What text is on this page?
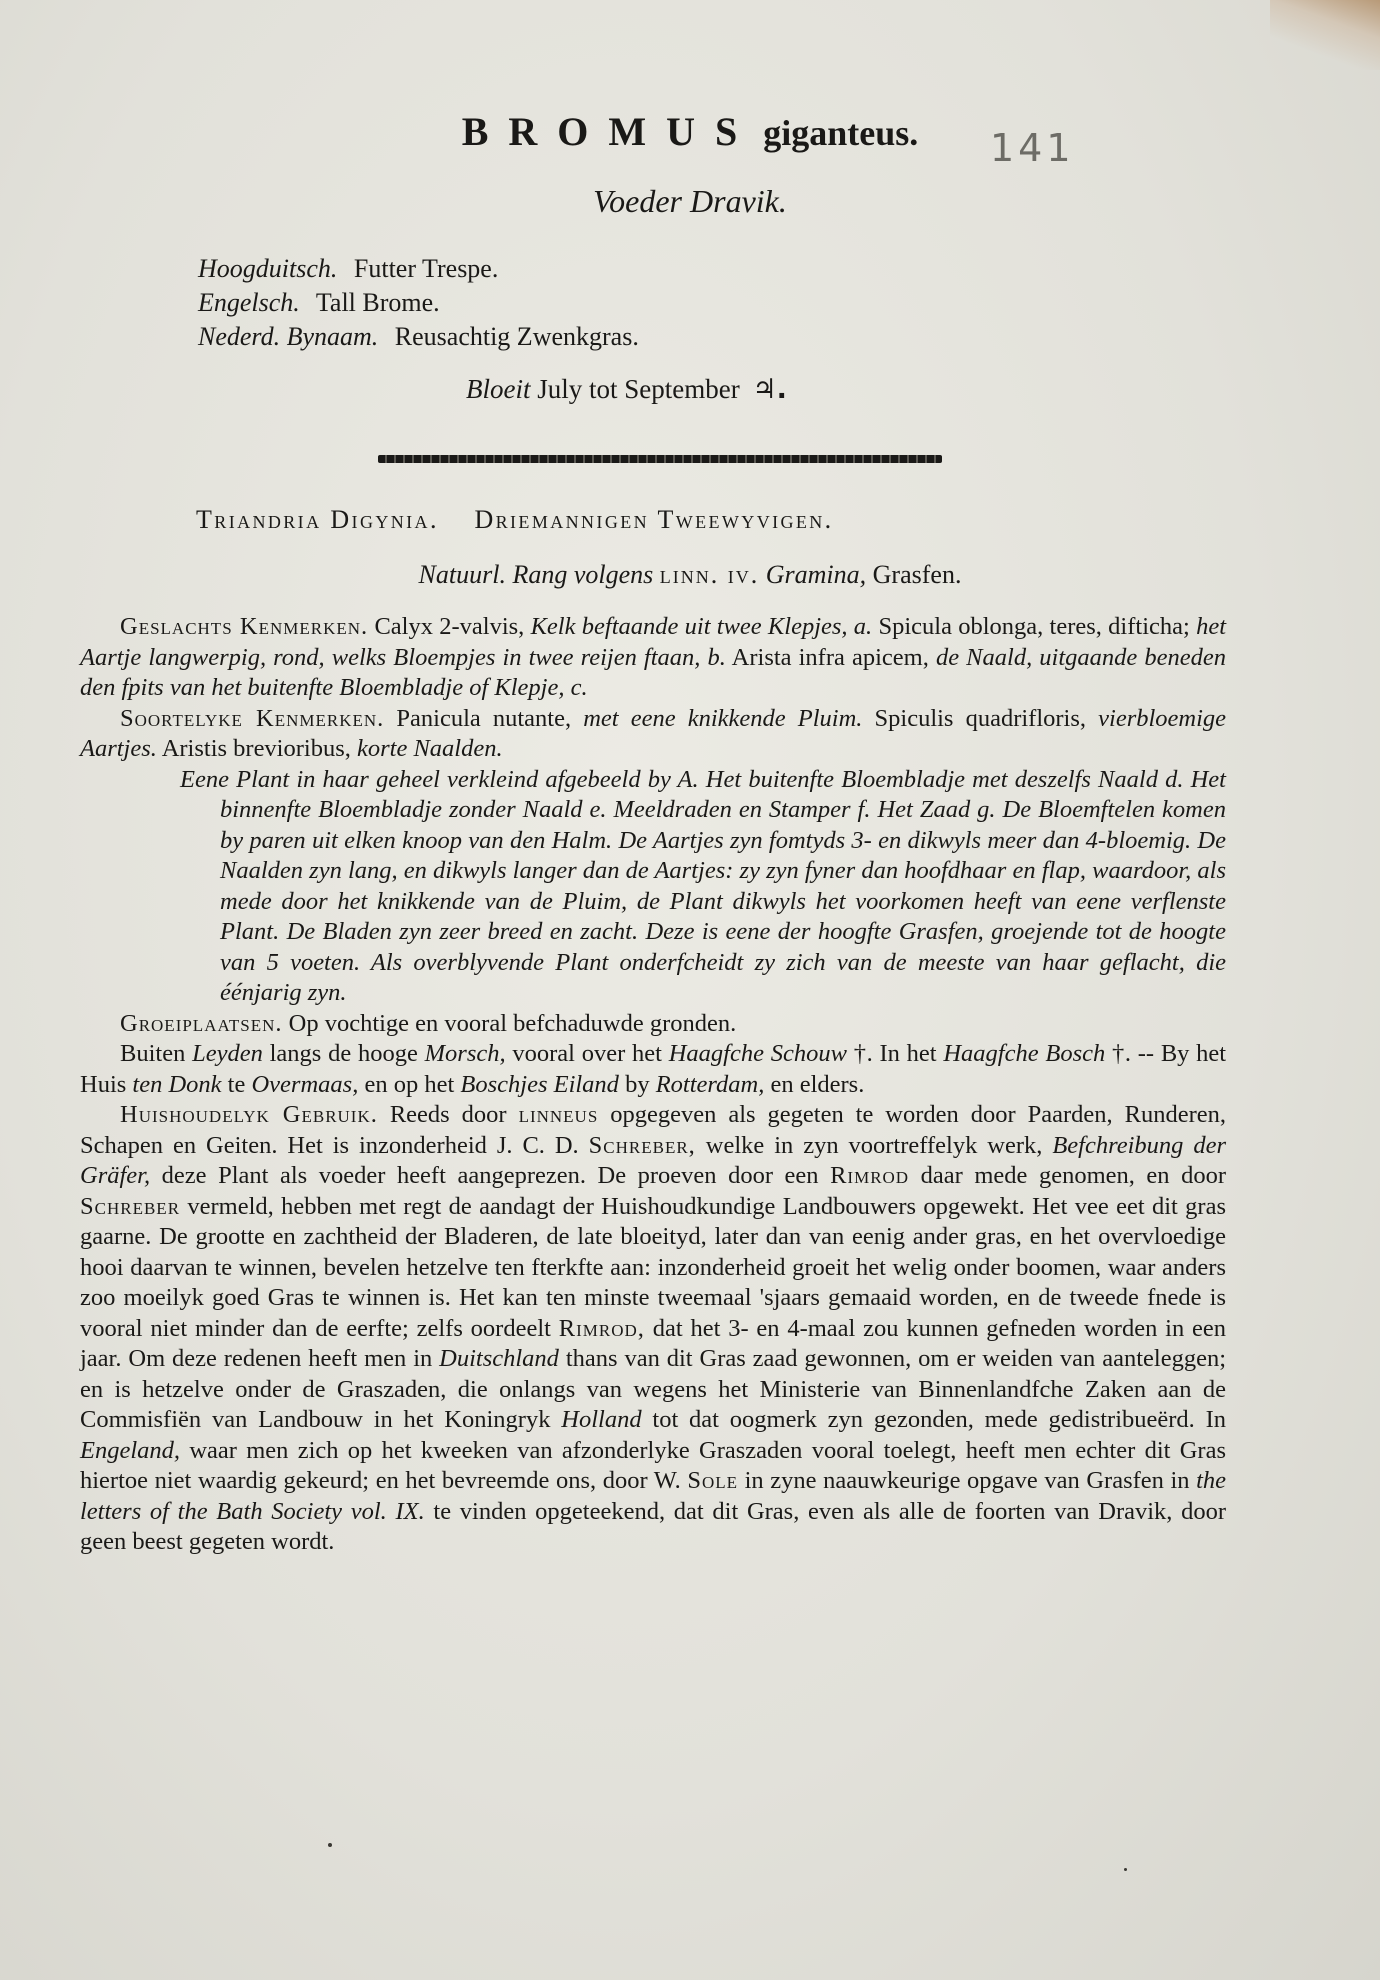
BROMUS giganteus.	141
Voeder Dravik.
Hoogduitsch. Futter Trespe.
Engelsch. Tall Brome.
Nederd. Bynaam. Reusachtig Zwenkgras.
Bloeit July tot September ♃.
Triandria Digynia. Driemannigen Tweewyvigen.
Natuurl. Rang volgens linn. iv. Gramina, Grasfen.

Geslachts Kenmerken. Calyx 2-valvis, Kelk beftaande uit twee Klepjes, a. Spicula oblonga, teres, difticha; het Aartje langwerpig, rond, welks Bloempjes in twee reijen ftaan, b. Arista infra apicem, de Naald, uitgaande beneden den fpits van het buitenfte Bloembladje of Klepje, c.

Soortelyke Kenmerken. Panicula nutante, met eene knikkende Pluim. Spiculis quadrifloris, vierbloemige Aartjes. Aristis brevioribus, korte Naalden.

Eene Plant in haar geheel verkleind afgebeeld by A. Het buitenfte Bloembladje met deszelfs Naald d. Het binnenfte Bloembladje zonder Naald e. Meeldraden en Stamper f. Het Zaad g. De Bloemftelen komen by paren uit elken knoop van den Halm. De Aartjes zyn fomtyds 3- en dikwyls meer dan 4-bloemig. De Naalden zyn lang, en dikwyls langer dan de Aartjes: zy zyn fyner dan hoofdhaar en flap, waardoor, als mede door het knikkende van de Pluim, de Plant dikwyls het voorkomen heeft van eene verflenste Plant. De Bladen zyn zeer breed en zacht. Deze is eene der hoogfte Grasfen, groejende tot de hoogte van 5 voeten. Als overblyvende Plant onderfcheidt zy zich van de meeste van haar geflacht, die éénjarig zyn.

Groeiplaatsen. Op vochtige en vooral befchaduwde gronden.

Buiten Leyden langs de hooge Morsch, vooral over het Haagfche Schouw †. In het Haagfche Bosch †. -- By het Huis ten Donk te Overmaas, en op het Boschjes Eiland by Rotterdam, en elders.

Huishoudelyk Gebruik. Reeds door linneus opgegeven als gegeten te worden door Paarden, Runderen, Schapen en Geiten. Het is inzonderheid J. C. D. Schreber, welke in zyn voortreffelyk werk, Befchreibung der Gräfer, deze Plant als voeder heeft aangeprezen. De proeven door een Rimrod daar mede genomen, en door Schreber vermeld, hebben met regt de aandagt der Huishoudkundige Landbouwers opgewekt. Het vee eet dit gras gaarne. De grootte en zachtheid der Bladeren, de late bloeityd, later dan van eenig ander gras, en het overvloedige hooi daarvan te winnen, bevelen hetzelve ten fterkfte aan: inzonderheid groeit het welig onder boomen, waar anders zoo moeilyk goed Gras te winnen is. Het kan ten minste tweemaal 'sjaars gemaaid worden, en de tweede fnede is vooral niet minder dan de eerfte; zelfs oordeelt Rimrod, dat het 3- en 4-maal zou kunnen gefneden worden in een jaar. Om deze redenen heeft men in Duitschland thans van dit Gras zaad gewonnen, om er weiden van aanteleggen; en is hetzelve onder de Graszaden, die onlangs van wegens het Ministerie van Binnenlandfche Zaken aan de Commisfiën van Landbouw in het Koningryk Holland tot dat oogmerk zyn gezonden, mede gedistribueërd. In Engeland, waar men zich op het kweeken van afzonderlyke Graszaden vooral toelegt, heeft men echter dit Gras hiertoe niet waardig gekeurd; en het bevreemde ons, door W. Sole in zyne naauwkeurige opgave van Grasfen in the letters of the Bath Society vol. IX. te vinden opgeteekend, dat dit Gras, even als alle de foorten van Dravik, door geen beest gegeten wordt.
